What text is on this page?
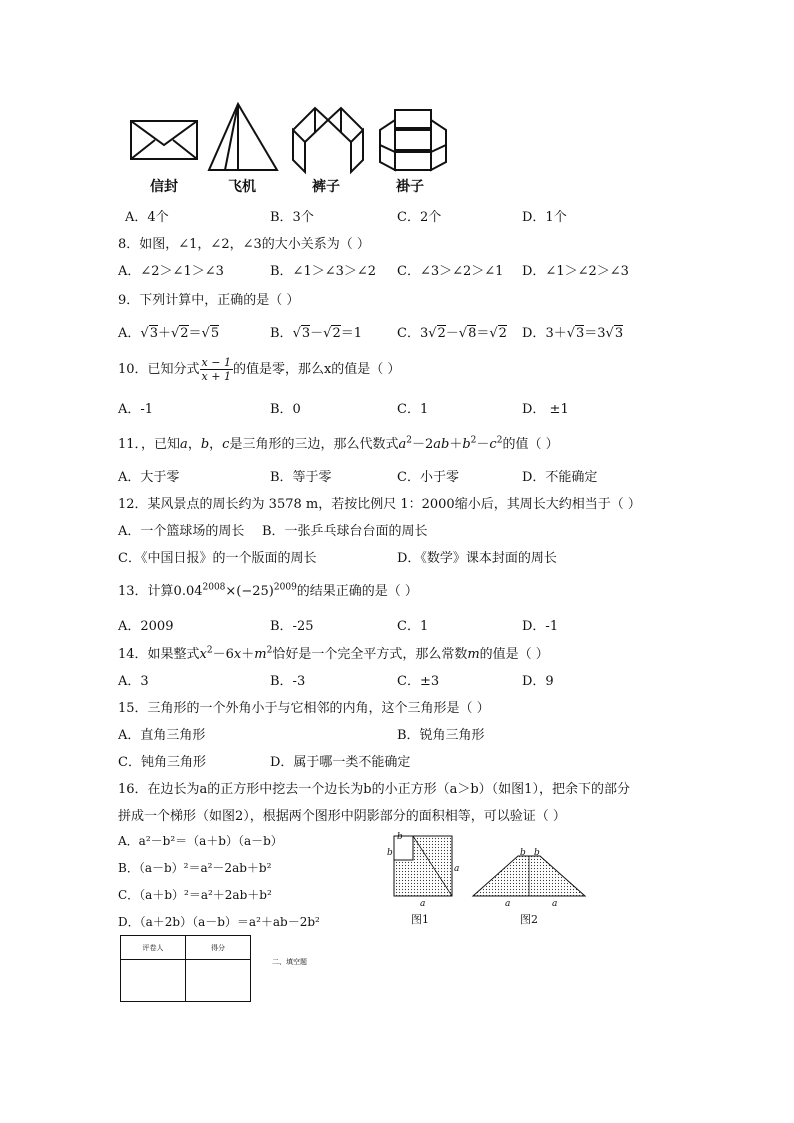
信封	飞机	裤子	褂子
A．4个	B．3个	C．2个	D．1个
8．如图，∠1，∠2，∠3的大小关系为（ ）
A．∠2＞∠1＞∠3	B．∠1＞∠3＞∠2 C．∠3＞∠2＞∠1 D．∠1＞∠2＞∠3
9．下列计算中，正确的是（ ）
A．√3＋√2＝√5	B．√3－√2＝1	C．3√2－√8＝√2 D．3＋√3＝3√3
10．已知分式 $\frac{x - 1}{x + 1}$ 的值是零，那么x的值是（ ）
A．-1	B．0	C．1	D． ±1
11．，已知a，b，c是三角形的三边，那么代数式$a^2-2ab+b^2-c^2$的值（ ）
A．大于零	B．等于零	C．小于零	D．不能确定
12．某风景点的周长约为 3578 m，若按比例尺 1：2000缩小后，其周长大约相当于（ ）
A．一个篮球场的周长 B．一张乒乓球台台面的周长
C．《中国日报》的一个版面的周长	D．《数学》课本封面的周长
13．计算$0.04^{2008}\times(-25)^{2009}$的结果正确的是（ ）
A．2009	B．-25	C．1	D．-1
14．如果整式$x^2-6x+m^2$恰好是一个完全平方式，那么常数m的值是（ ）
A．3	B．-3	C．±3	D．9
15．三角形的一个外角小于与它相邻的内角，这个三角形是（ ）
A．直角三角形	B．锐角三角形
C．钝角三角形	D．属于哪一类不能确定
16．在边长为a的正方形中挖去一个边长为b的小正方形（a＞b）（如图1），把余下的部分
拼成一个梯形（如图2），根据两个图形中阴影部分的面积相等，可以验证（ ）
A．a²－b²＝（a＋b）（a－b）
B．（a－b）²＝a²－2ab＋b²
C．（a＋b）²＝a²＋2ab＋b²
D．（a＋2b）（a－b）＝a²＋ab－2b²
b
b
a
a
b b
a	a
图1	图2
评卷人	得分

二、填空题
